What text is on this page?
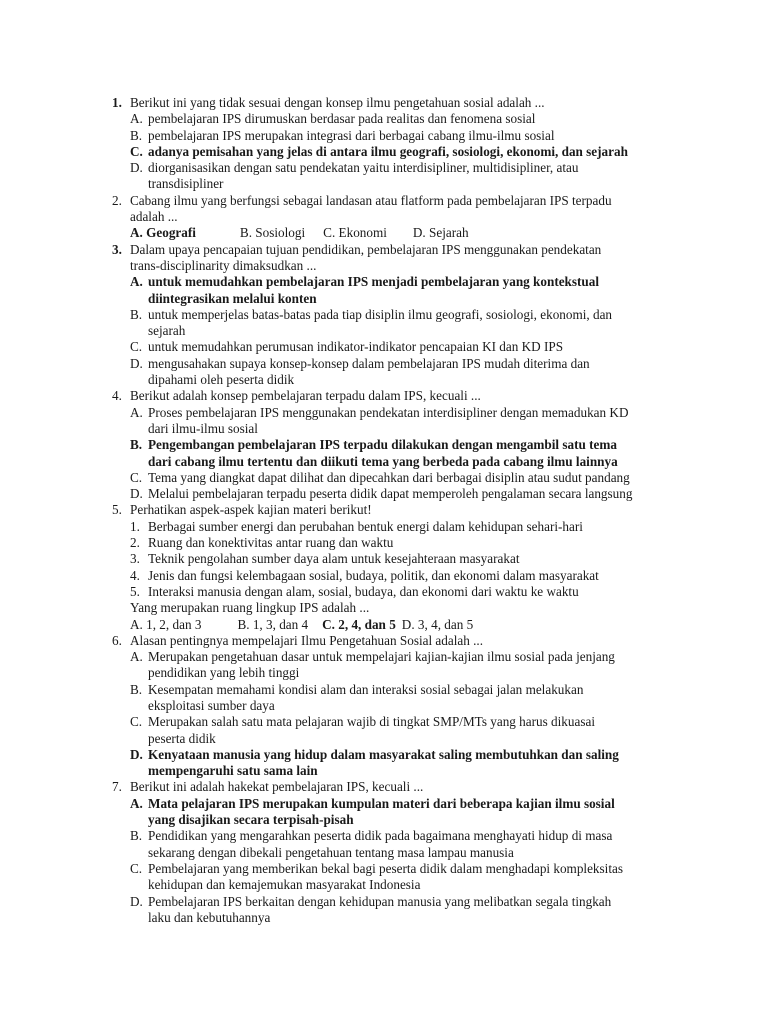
1. Berikut ini yang tidak sesuai dengan konsep ilmu pengetahuan sosial adalah ...
A. pembelajaran IPS dirumuskan berdasar pada realitas dan fenomena sosial
B. pembelajaran IPS merupakan integrasi dari berbagai cabang ilmu-ilmu sosial
C. adanya pemisahan yang jelas di antara ilmu geografi, sosiologi, ekonomi, dan sejarah
D. diorganisasikan dengan satu pendekatan yaitu interdisipliner, multidisipliner, atau
transdisipliner
2. Cabang ilmu yang berfungsi sebagai landasan atau flatform pada pembelajaran IPS terpadu
adalah ...
A. Geografi	B. Sosiologi C. Ekonomi D. Sejarah
3. Dalam upaya pencapaian tujuan pendidikan, pembelajaran IPS menggunakan pendekatan
trans-disciplinarity dimaksudkan ...
A. untuk memudahkan pembelajaran IPS menjadi pembelajaran yang kontekstual
diintegrasikan melalui konten
B. untuk memperjelas batas-batas pada tiap disiplin ilmu geografi, sosiologi, ekonomi, dan
sejarah
C. untuk memudahkan perumusan indikator-indikator pencapaian KI dan KD IPS
D. mengusahakan supaya konsep-konsep dalam pembelajaran IPS mudah diterima dan
dipahami oleh peserta didik
4. Berikut adalah konsep pembelajaran terpadu dalam IPS, kecuali ...
A. Proses pembelajaran IPS menggunakan pendekatan interdisipliner dengan memadukan KD
dari ilmu-ilmu sosial
B. Pengembangan pembelajaran IPS terpadu dilakukan dengan mengambil satu tema
dari cabang ilmu tertentu dan diikuti tema yang berbeda pada cabang ilmu lainnya
C. Tema yang diangkat dapat dilihat dan dipecahkan dari berbagai disiplin atau sudut pandang
D. Melalui pembelajaran terpadu peserta didik dapat memperoleh pengalaman secara langsung
5. Perhatikan aspek-aspek kajian materi berikut!
1. Berbagai sumber energi dan perubahan bentuk energi dalam kehidupan sehari-hari
2. Ruang dan konektivitas antar ruang dan waktu
3. Teknik pengolahan sumber daya alam untuk kesejahteraan masyarakat
4. Jenis dan fungsi kelembagaan sosial, budaya, politik, dan ekonomi dalam masyarakat
5. Interaksi manusia dengan alam, sosial, budaya, dan ekonomi dari waktu ke waktu
Yang merupakan ruang lingkup IPS adalah ...
A. 1, 2, dan 3	B. 1, 3, dan 4 C. 2, 4, dan 5 D. 3, 4, dan 5
6. Alasan pentingnya mempelajari Ilmu Pengetahuan Sosial adalah ...
A. Merupakan pengetahuan dasar untuk mempelajari kajian-kajian ilmu sosial pada jenjang
pendidikan yang lebih tinggi
B. Kesempatan memahami kondisi alam dan interaksi sosial sebagai jalan melakukan
eksploitasi sumber daya
C. Merupakan salah satu mata pelajaran wajib di tingkat SMP/MTs yang harus dikuasai
peserta didik
D. Kenyataan manusia yang hidup dalam masyarakat saling membutuhkan dan saling
mempengaruhi satu sama lain
7. Berikut ini adalah hakekat pembelajaran IPS, kecuali ...
A. Mata pelajaran IPS merupakan kumpulan materi dari beberapa kajian ilmu sosial
yang disajikan secara terpisah-pisah
B. Pendidikan yang mengarahkan peserta didik pada bagaimana menghayati hidup di masa
sekarang dengan dibekali pengetahuan tentang masa lampau manusia
C. Pembelajaran yang memberikan bekal bagi peserta didik dalam menghadapi kompleksitas
kehidupan dan kemajemukan masyarakat Indonesia
D. Pembelajaran IPS berkaitan dengan kehidupan manusia yang melibatkan segala tingkah
laku dan kebutuhannya
